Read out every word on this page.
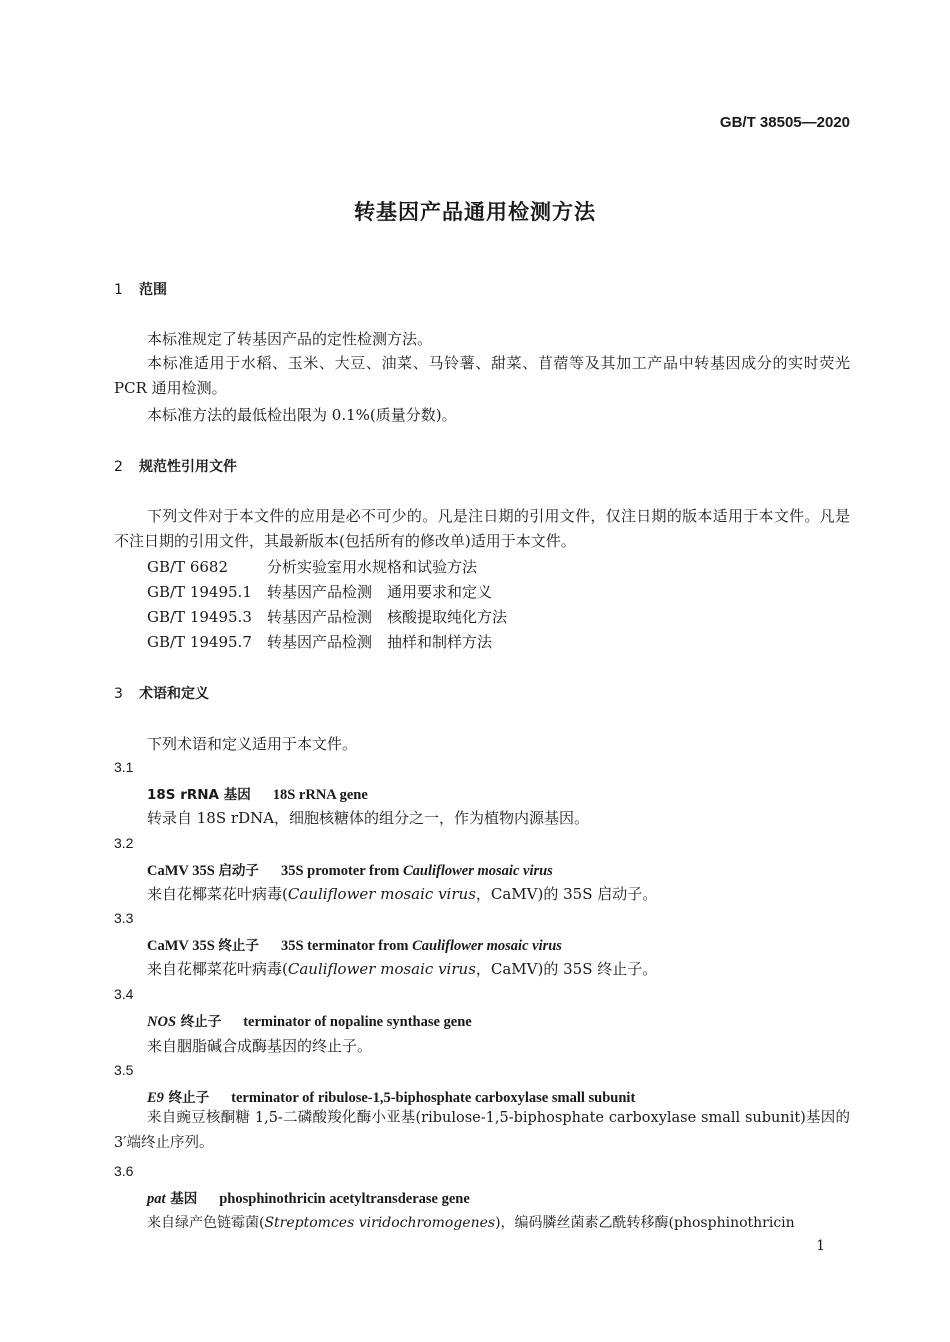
GB/T 38505—2020
转基因产品通用检测方法
1 范围
本标准规定了转基因产品的定性检测方法。
本标准适用于水稻、玉米、大豆、油菜、马铃薯、甜菜、苜蓿等及其加工产品中转基因成分的实时荧光PCR 通用检测。
本标准方法的最低检出限为 0.1%(质量分数)。
2 规范性引用文件
下列文件对于本文件的应用是必不可少的。凡是注日期的引用文件，仅注日期的版本适用于本文件。凡是不注日期的引用文件，其最新版本(包括所有的修改单)适用于本文件。
GB/T 6682	分析实验室用水规格和试验方法
GB/T 19495.1 转基因产品检测　通用要求和定义
GB/T 19495.3 转基因产品检测　核酸提取纯化方法
GB/T 19495.7 转基因产品检测　抽样和制样方法
3 术语和定义
下列术语和定义适用于本文件。
3.1
18S rRNA 基因 18S rRNA gene
转录自 18S rDNA，细胞核糖体的组分之一，作为植物内源基因。
3.2
CaMV 35S 启动子 35S promoter from Cauliflower mosaic virus
来自花椰菜花叶病毒(Cauliflower mosaic virus，CaMV)的 35S 启动子。
3.3
CaMV 35S 终止子 35S terminator from Cauliflower mosaic virus
来自花椰菜花叶病毒(Cauliflower mosaic virus，CaMV)的 35S 终止子。
3.4
NOS 终止子 terminator of nopaline synthase gene
来自胭脂碱合成酶基因的终止子。
3.5
E9 终止子 terminator of ribulose-1,5-biphosphate carboxylase small subunit
来自豌豆核酮糖 1,5-二磷酸羧化酶小亚基(ribulose-1,5-biphosphate carboxylase small subunit)基因的 3′端终止序列。
3.6
pat 基因 phosphinothricin acetyltransderase gene
来自绿产色链霉菌(Streptomces viridochromogenes)，编码膦丝菌素乙酰转移酶(phosphinothricin
1
